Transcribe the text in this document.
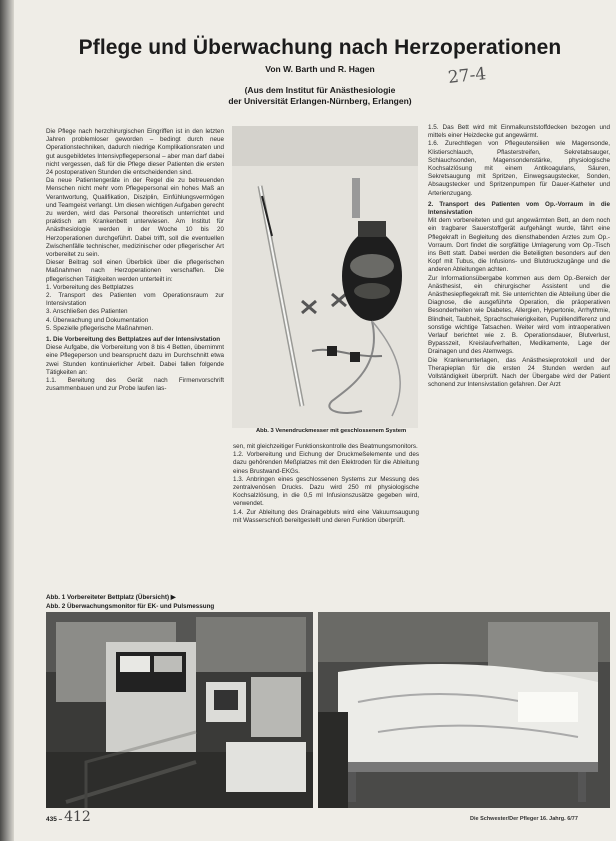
Pflege und Überwachung nach Herzoperationen
Von W. Barth und R. Hagen
(Aus dem Institut für Anästhesiologie
der Universität Erlangen-Nürnberg, Erlangen)
27-4

Die Pflege nach herzchirurgischen Eingriffen ist in den letzten Jahren problemloser geworden – bedingt durch neue Operationstechniken, dadurch niedrige Komplikationsraten und gut ausgebildetes Intensivpflegepersonal – aber man darf dabei nicht vergessen, daß für die Pflege dieser Patienten die ersten 24 postoperativen Stunden die entscheidenden sind.

Da neue Patientengeräte in der Regel die zu betreuenden Menschen nicht mehr vom Pflegepersonal ein hohes Maß an Verantwortung, Qualifikation, Disziplin, Einfühlungsvermögen und Teamgeist verlangt. Um diesen wichtigen Aufgaben gerecht zu werden, wird das Personal theoretisch unterrichtet und praktisch am Krankenbett unterwiesen. Am Institut für Anästhesiologie werden in der Woche 10 bis 20 Herzoperationen durchgeführt. Dabei trifft, soll die eventuellen Zwischenfälle technischer, medizinischer oder pflegerischer Art vorbereitet zu sein.

Dieser Beitrag soll einen Überblick über die pflegerischen Maßnahmen nach Herzoperationen verschaffen. Die pflegerischen Tätigkeiten werden unterteilt in:

1. Vorbereitung des Bettplatzes

2. Transport des Patienten vom Operationsraum zur Intensivstation

3. Anschließen des Patienten

4. Überwachung und Dokumentation

5. Spezielle pflegerische Maßnahmen.

1. Die Vorbereitung des Bettplatzes auf der Intensivstation

Diese Aufgabe, die Vorbereitung von 8 bis 4 Betten, übernimmt eine Pflegeperson und beansprucht dazu im Durchschnitt etwa zwei Stunden kontinuierlicher Arbeit. Dabei fallen folgende Tätigkeiten an:

1.1. Bereitung des Gerät nach Firmenvorschrift zusammenbauen und zur Probe laufen las-

Abb. 3 Venendruckmesser mit geschlossenem System

sen, mit gleichzeitiger Funktionskontrolle des Beatmungsmonitors.

1.2. Vorbereitung und Eichung der Druckmeßelemente und des dazu gehörenden Meßplatzes mit den Elektroden für die Ableitung eines Brustwand-EKGs.

1.3. Anbringen eines geschlossenen Systems zur Messung des zentralvenösen Drucks. Dazu wird 250 ml physiologische Kochsalzlösung, in die 0,5 ml Infusionszusätze gegeben wird, verwendet.

1.4. Zur Ableitung des Drainagebluts wird eine Vakuumsaugung mit Wasserschloß bereitgestellt und deren Funktion überprüft.

1.5. Das Bett wird mit Einmalkunststoffdecken bezogen und mittels einer Heizdecke gut angewärmt.

1.6. Zurechtlegen von Pflegeutensilien wie Magensonde, Klistierschlauch, Pflasterstreifen, Sekretabsauger, Schlauchsonden, Magensondenstärke, physiologische Kochsalzlösung mit einem Antikoagulans, Säuren, Sekretsaugung mit Spritzen, Einwegsaugstecker, Sonden, Absaugstecker und Spritzenpumpen für Dauer-Katheter und Arterienzugang.

2. Transport des Patienten vom Op.-Vorraum in die Intensivstation

Mit dem vorbereiteten und gut angewärmten Bett, an dem noch ein tragbarer Sauerstoffgerät aufgehängt wurde, fährt eine Pflegekraft in Begleitung des diensthabenden Arztes zum Op.-Vorraum. Dort findet die sorgfältige Umlagerung vom Op.-Tisch ins Bett statt. Dabei werden die Beteiligten besonders auf den Kopf mit Tubus, die Infusions- und Blutdruckzugänge und die anderen Ableitungen achten.

Zur Informationsübergabe kommen aus dem Op.-Bereich der Anästhesist, ein chirurgischer Assistent und die Anästhesiepflegekraft mit. Sie unterrichten die Abteilung über die Diagnose, die ausgeführte Operation, die präoperativen Besonderheiten wie Diabetes, Allergien, Hypertonie, Arrhythmie, Blindheit, Taubheit, Sprachschwierigkeiten, Pupillendifferenz und sonstige wichtige Tatsachen. Weiter wird vom intraoperativen Verlauf berichtet wie z. B. Operationsdauer, Blutverlust, Bypasszeit, Kreislaufverhalten, Medikamente, Lage der Drainagen und des Atemwegs.

Die Krankenunterlagen, das Anästhesieprotokoll und der Therapieplan für die ersten 24 Stunden werden auf Vollständigkeit überprüft. Nach der Übergabe wird der Patient schonend zur Intensivstation gefahren. Der Arzt

Abb. 1 Vorbereiteter Bettplatz (Übersicht) ▶
Abb. 2 Überwachungsmonitor für EK- und Pulsmessung
435 – 412	Die Schwester/Der Pfleger 16. Jahrg. 6/77
